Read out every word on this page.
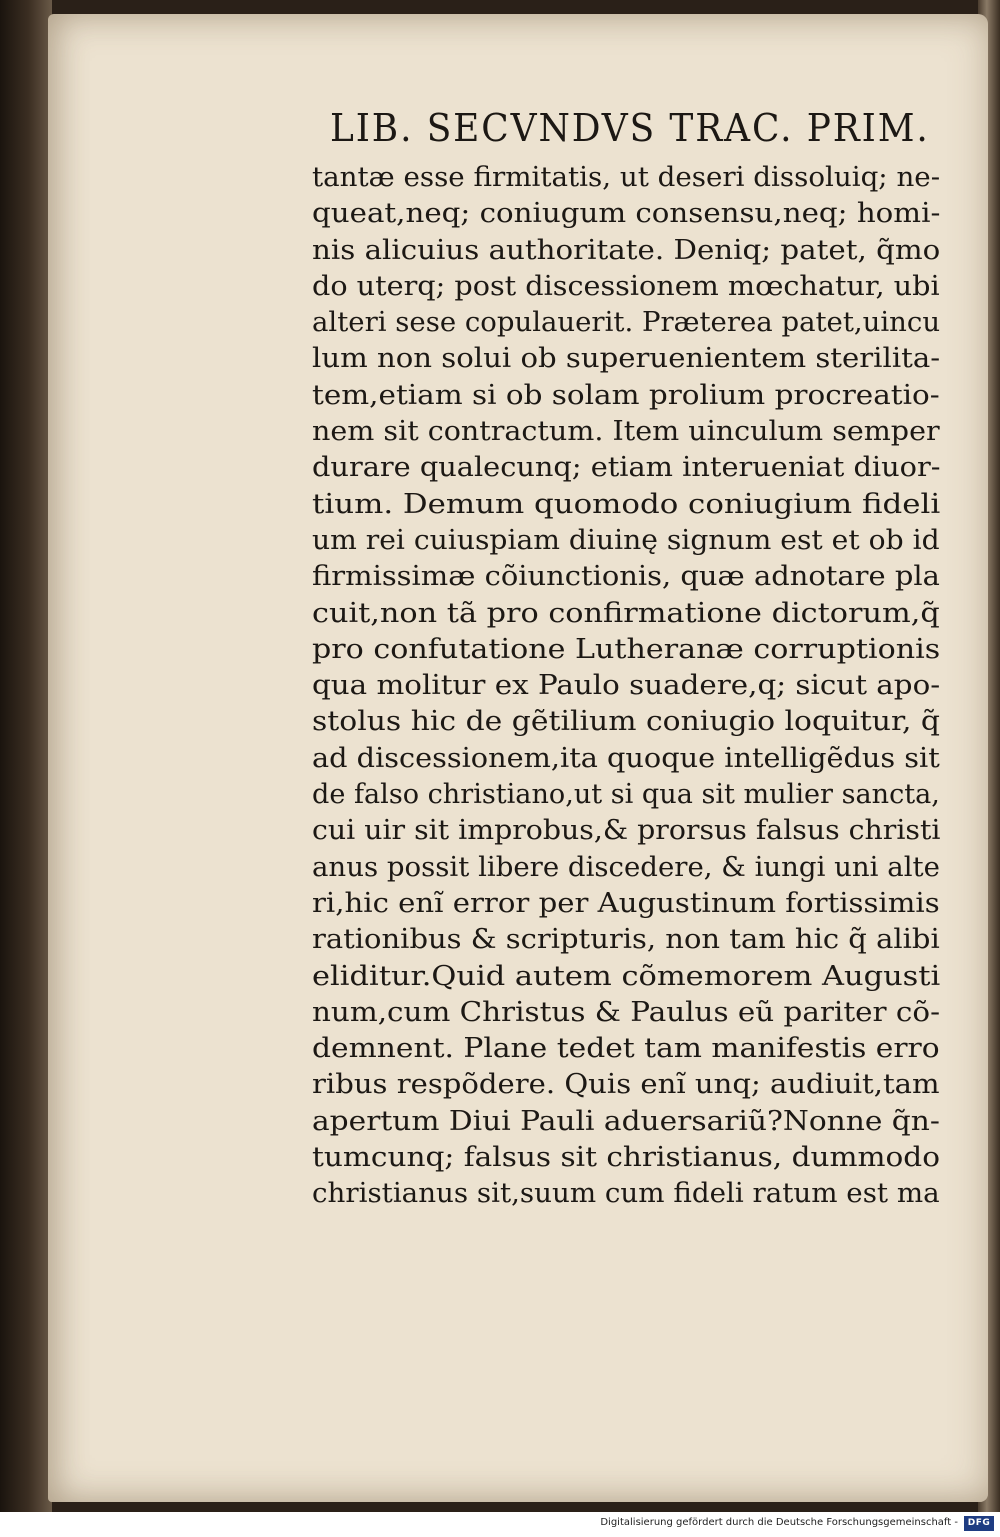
LIB. SECVNDVS TRAC. PRIM.
tantæ esse firmitatis, ut deseri dissoluiq; ne-
queat,neq; coniugum consensu,neq; homi-
nis alicuius authoritate. Deniq; patet, q̃mo
do uterq; post discessionem mœchatur, ubi
alteri sese copulauerit. Præterea patet,uincu
lum non solui ob superuenientem sterilita-
tem,etiam si ob solam prolium procreatio-
nem sit contractum. Item uinculum semper
durare qualecunq; etiam interueniat diuor-
tium. Demum quomodo coniugium fideli
um rei cuiuspiam diuinę signum est et ob id
firmissimæ cõiunctionis, quæ adnotare pla
cuit,non tã pro confirmatione dictorum,q̃
pro confutatione Lutheranæ corruptionis
qua molitur ex Paulo suadere,q; sicut apo-
stolus hic de gẽtilium coniugio loquitur, q̃
ad discessionem,ita quoque intelligẽdus sit
de falso christiano,ut si qua sit mulier sancta,
cui uir sit improbus,& prorsus falsus christi
anus possit libere discedere, & iungi uni alte
ri,hic enĩ error per Augustinum fortissimis
rationibus & scripturis, non tam hic q̃ alibi
eliditur.Quid autem cõmemorem Augusti
num,cum Christus & Paulus eũ pariter cõ-
demnent. Plane tedet tam manifestis erro
ribus respõdere. Quis enĩ unq; audiuit,tam
apertum Diui Pauli aduersariũ?Nonne q̃n-
tumcunq; falsus sit christianus, dummodo
christianus sit,suum cum fideli ratum est ma
Digitalisierung gefördert durch die Deutsche Forschungsgemeinschaft -	DFG
